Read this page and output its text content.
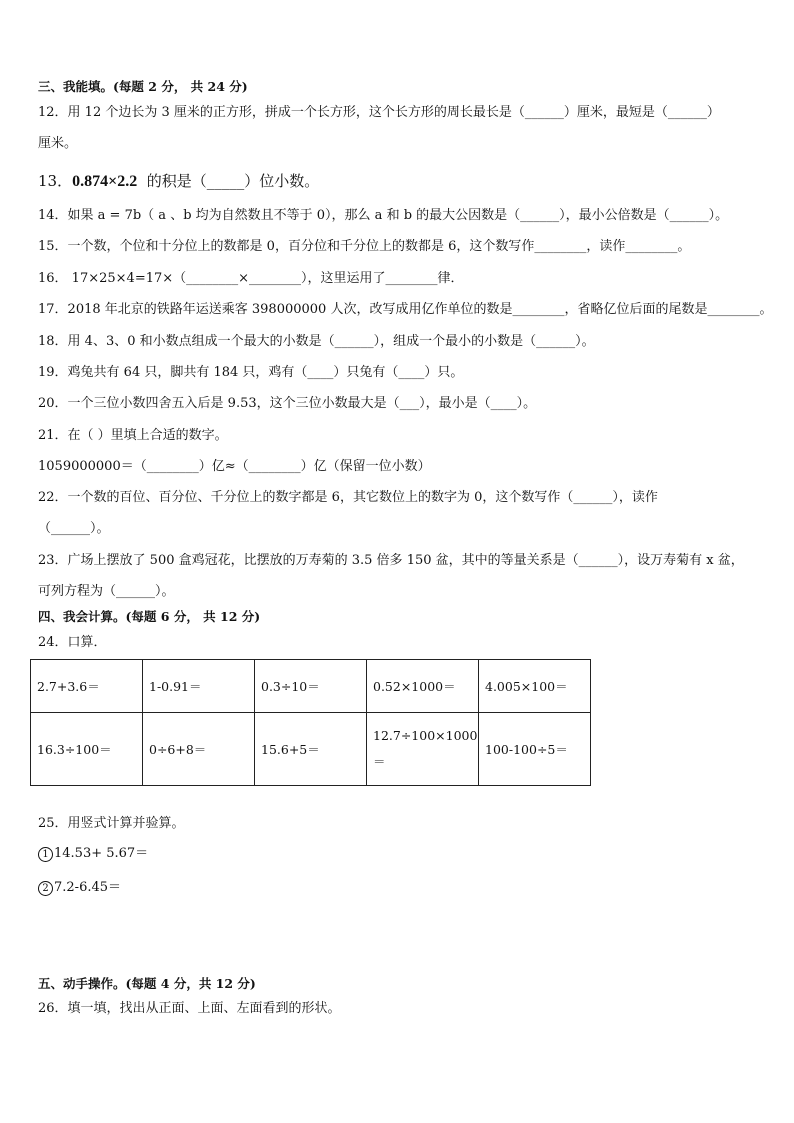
三、我能填。(每题 2 分， 共 24 分)
12．用 12 个边长为 3 厘米的正方形，拼成一个长方形，这个长方形的周长最长是（______）厘米，最短是（______）
厘米。
13．0.874×2.2 的积是（_____）位小数。
14．如果 a = 7b（ a 、b 均为自然数且不等于 0），那么 a 和 b 的最大公因数是（______），最小公倍数是（______）。
15．一个数，个位和十分位上的数都是 0，百分位和千分位上的数都是 6，这个数写作________，读作________。
16． 17×25×4=17×（________×________），这里运用了________律．
17．2018 年北京的铁路年运送乘客 398000000 人次，改写成用亿作单位的数是________，省略亿位后面的尾数是________。
18．用 4、3、0 和小数点组成一个最大的小数是（______），组成一个最小的小数是（______）。
19．鸡兔共有 64 只，脚共有 184 只，鸡有（____）只兔有（____）只。
20．一个三位小数四舍五入后是 9.53，这个三位小数最大是（___），最小是（____）。
21．在（ ）里填上合适的数字。
1059000000＝（________）亿≈（________）亿（保留一位小数）
22．一个数的百位、百分位、千分位上的数字都是 6，其它数位上的数字为 0，这个数写作（______），读作
（______）。
23．广场上摆放了 500 盒鸡冠花，比摆放的万寿菊的 3.5 倍多 150 盆，其中的等量关系是（______），设万寿菊有 x 盆，
可列方程为（______）。
四、我会计算。(每题 6 分， 共 12 分)
24．口算．
2.7+3.6＝	1-0.91＝	0.3÷10＝	0.52×1000＝	4.005×100＝
16.3÷100＝	0÷6+8＝	15.6+5＝	12.7÷100×1000＝	100-100÷5＝
25．用竖式计算并验算。
1 14.53+ 5.67＝
2 7.2-6.45＝
五、动手操作。(每题 4 分，共 12 分)
26．填一填，找出从正面、上面、左面看到的形状。
